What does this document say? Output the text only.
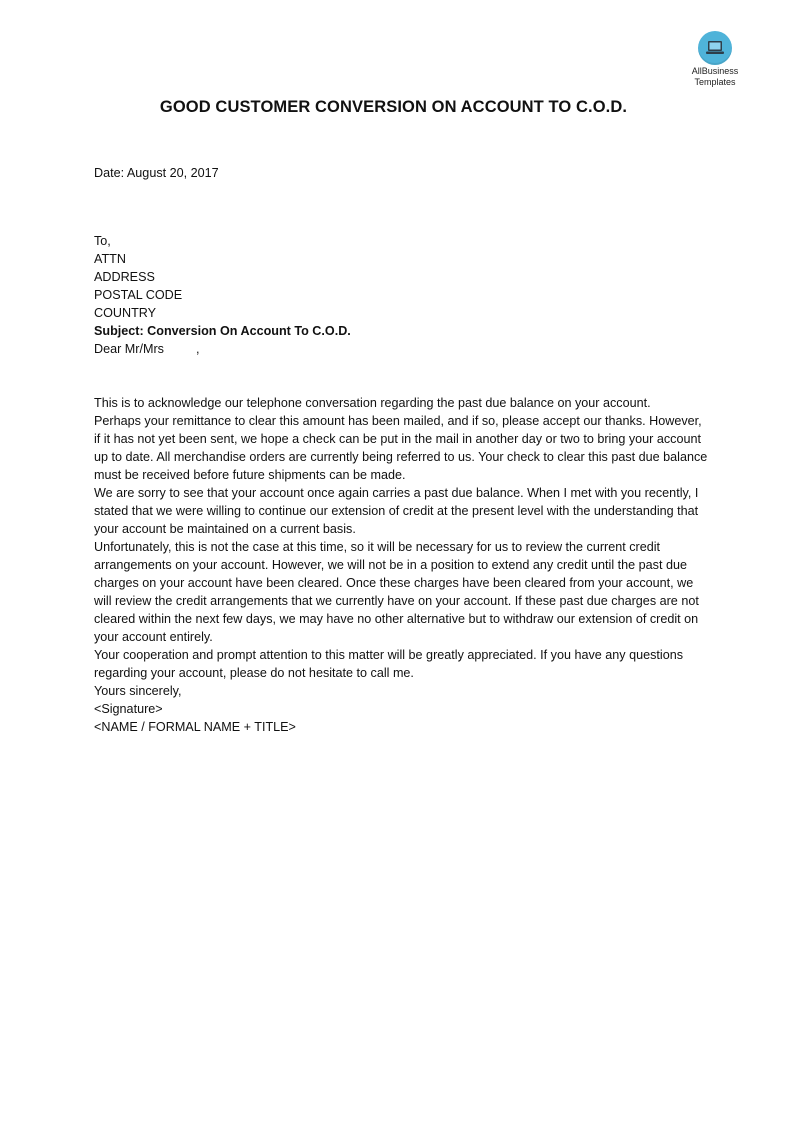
AllBusiness
Templates
GOOD CUSTOMER CONVERSION ON ACCOUNT TO C.O.D.

Date: August 20, 2017

To,
ATTN
ADDRESS
POSTAL CODE
COUNTRY

Subject: Conversion On Account To C.O.D.

Dear Mr/Mrs	,

This is to acknowledge our telephone conversation regarding the past due balance on your account.

Perhaps your remittance to clear this amount has been mailed, and if so, please accept our thanks. However, if it has not yet been sent, we hope a check can be put in the mail in another day or two to bring your account up to date. All merchandise orders are currently being referred to us. Your check to clear this past due balance must be received before future shipments can be made.

We are sorry to see that your account once again carries a past due balance. When I met with you recently, I stated that we were willing to continue our extension of credit at the present level with the understanding that your account be maintained on a current basis.

Unfortunately, this is not the case at this time, so it will be necessary for us to review the current credit arrangements on your account. However, we will not be in a position to extend any credit until the past due charges on your account have been cleared. Once these charges have been cleared from your account, we will review the credit arrangements that we currently have on your account. If these past due charges are not cleared within the next few days, we may have no other alternative but to withdraw our extension of credit on your account entirely.

Your cooperation and prompt attention to this matter will be greatly appreciated. If you have any questions regarding your account, please do not hesitate to call me.

Yours sincerely,

<Signature>

<NAME / FORMAL NAME + TITLE>
